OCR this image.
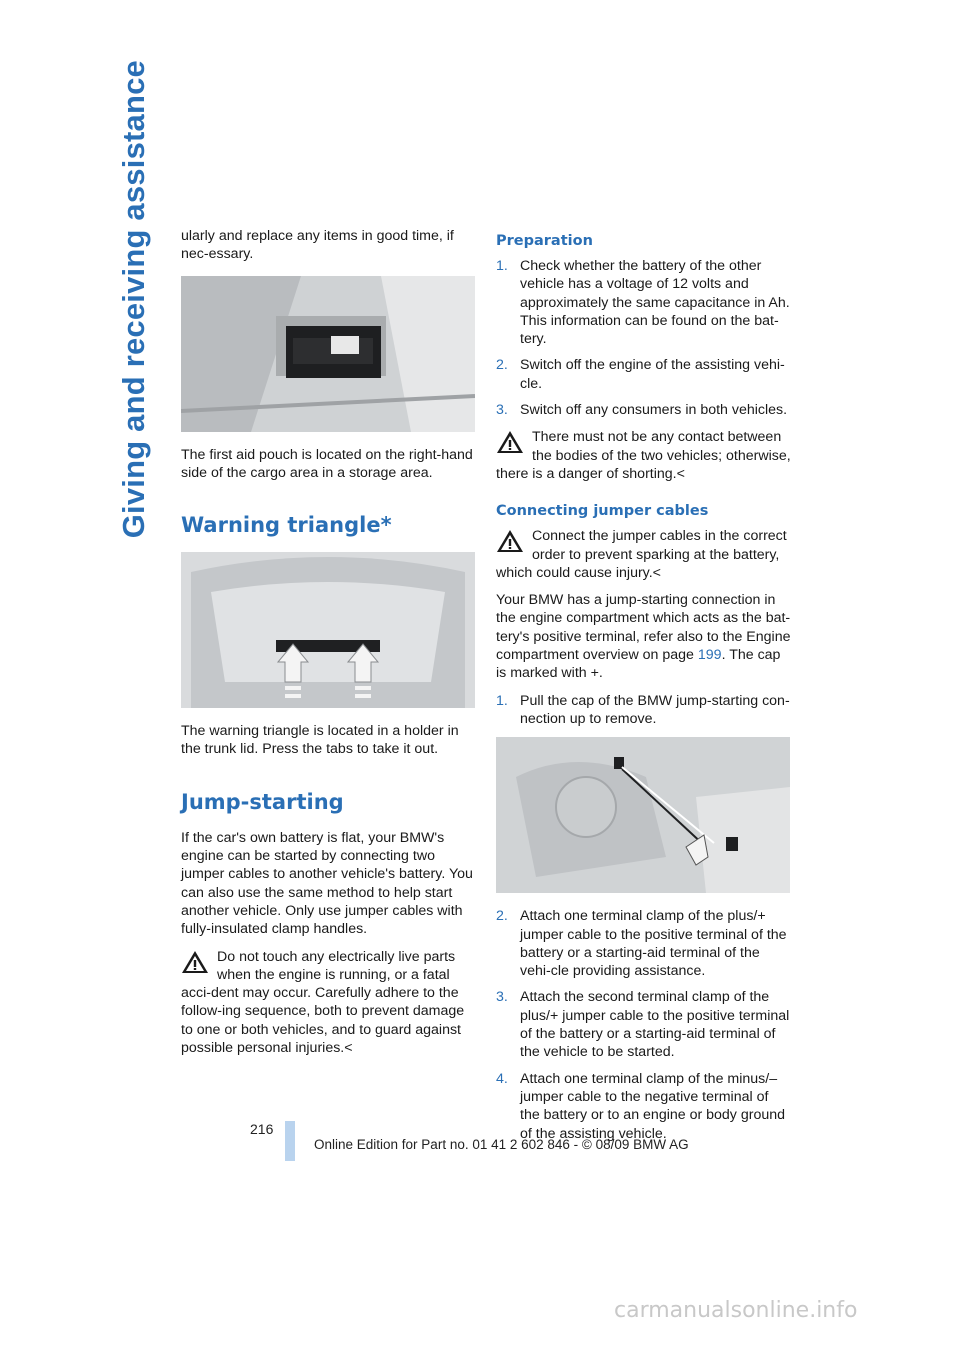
Giving and receiving assistance ularly and replace any items in good time, if nec-essary.

The first aid pouch is located on the right-hand side of the cargo area in a storage area.

Warning triangle*

The warning triangle is located in a holder in the trunk lid. Press the tabs to take it out.

Jump-starting

If the car's own battery is flat, your BMW's engine can be started by connecting two jumper cables to another vehicle's battery. You can also use the same method to help start another vehicle. Only use jumper cables with fully-insulated clamp handles.

Do not touch any electrically live parts when the engine is running, or a fatal acci-dent may occur. Carefully adhere to the follow-ing sequence, both to prevent damage to one or both vehicles, and to guard against possible personal injuries.<
Preparation
1. Check whether the battery of the other vehicle has a voltage of 12 volts and approximately the same capacitance in Ah. This information can be found on the bat-tery.
2. Switch off the engine of the assisting vehi-cle.
3. Switch off any consumers in both vehicles.
There must not be any contact between the bodies of the two vehicles; otherwise, there is a danger of shorting.<
Connecting jumper cables
Connect the jumper cables in the correct order to prevent sparking at the battery, which could cause injury.<

Your BMW has a jump-starting connection in the engine compartment which acts as the bat-tery's positive terminal, refer also to the Engine compartment overview on page 199. The cap is marked with +.

1. Pull the cap of the BMW jump-starting con-nection up to remove.
2. Attach one terminal clamp of the plus/+ jumper cable to the positive terminal of the battery or a starting-aid terminal of the vehi-cle providing assistance.
3. Attach the second terminal clamp of the plus/+ jumper cable to the positive terminal of the battery or a starting-aid terminal of the vehicle to be started.
4. Attach one terminal clamp of the minus/– jumper cable to the negative terminal of the battery or to an engine or body ground of the assisting vehicle.
216
Online Edition for Part no. 01 41 2 602 846 - © 08/09 BMW AG
carmanualsonline.info
